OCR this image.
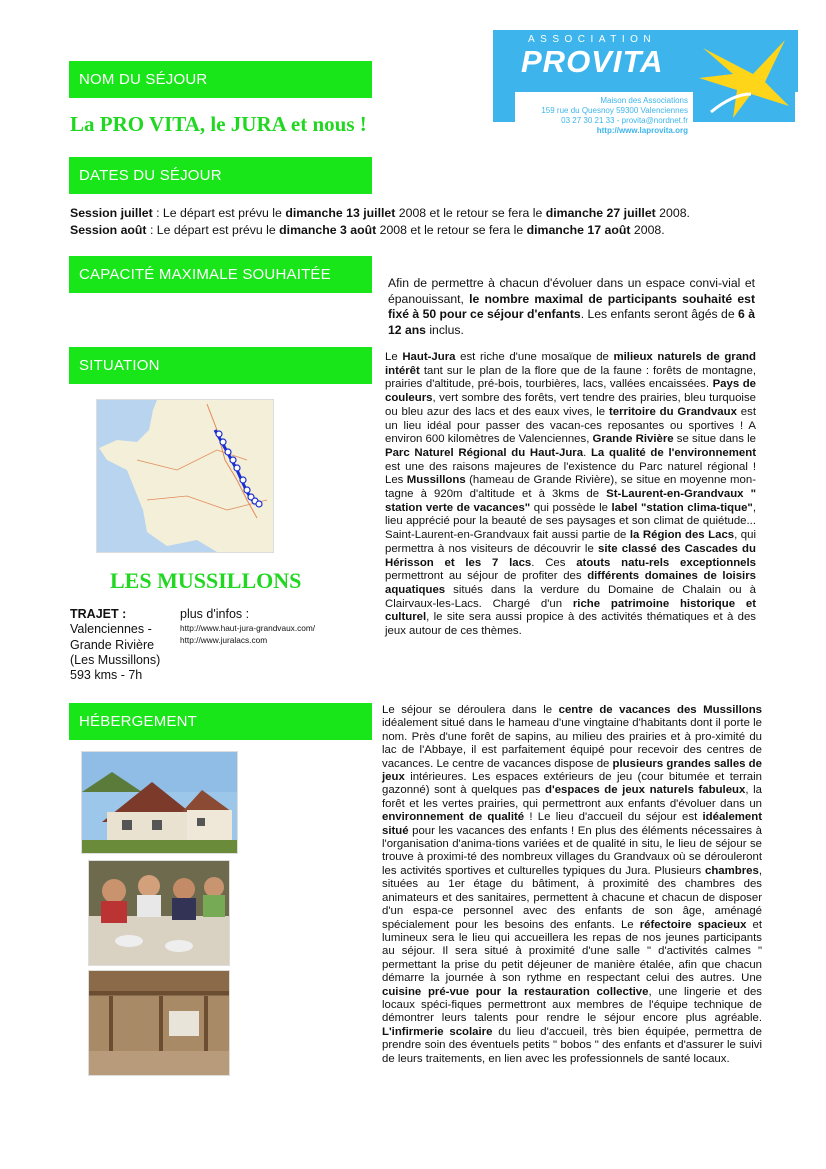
ASSOCIATION
PROVITA
Maison des Associations
159 rue du Quesnoy 59300 Valenciennes
03 27 30 21 33 - provita@nordnet.fr
http://www.laprovita.org
NOM DU SÉJOUR
La PRO VITA, le JURA et nous !
DATES DU SÉJOUR

Session juillet : Le départ est prévu le dimanche 13 juillet 2008 et le retour se fera le dimanche 27 juillet 2008.

Session août : Le départ est prévu le dimanche 3 août 2008 et le retour se fera le dimanche 17 août 2008.

CAPACITÉ MAXIMALE SOUHAITÉE	Afin de permettre à chacun d'évoluer dans un espace convi-vial et épanouissant, le nombre maximal de participants souhaité est fixé à 50 pour ce séjour d'enfants. Les enfants seront âgés de 6 à 12 ans inclus.
SITUATION
LES MUSSILLONS
TRAJET :
Valenciennes -
Grande Rivière
(Les Mussillons)
593 kms - 7h
plus d'infos :
http://www.haut-jura-grandvaux.com/
http://www.juralacs.com
Le Haut-Jura est riche d'une mosaïque de milieux naturels de grand intérêt tant sur le plan de la flore que de la faune : forêts de montagne, prairies d'altitude, pré-bois, tourbières, lacs, vallées encaissées. Pays de couleurs, vert sombre des forêts, vert tendre des prairies, bleu turquoise ou bleu azur des lacs et des eaux vives, le territoire du Grandvaux est un lieu idéal pour passer des vacan-ces reposantes ou sportives ! A environ 600 kilomètres de Valenciennes, Grande Rivière se situe dans le Parc Naturel Régional du Haut-Jura. La qualité de l'environnement est une des raisons majeures de l'existence du Parc naturel régional ! Les Mussillons (hameau de Grande Rivière), se situe en moyenne mon-tagne à 920m d'altitude et à 3kms de St-Laurent-en-Grandvaux " station verte de vacances" qui possède le label "station clima-tique", lieu apprécié pour la beauté de ses paysages et son climat de quiétude... Saint-Laurent-en-Grandvaux fait aussi partie de la Région des Lacs, qui permettra à nos visiteurs de découvrir le site classé des Cascades du Hérisson et les 7 lacs. Ces atouts natu-rels exceptionnels permettront au séjour de profiter des différents domaines de loisirs aquatiques situés dans la verdure du Domaine de Chalain ou à Clairvaux-les-Lacs. Chargé d'un riche patrimoine historique et culturel, le site sera aussi propice à des activités thématiques et à des jeux autour de ces thèmes.
HÉBERGEMENT
Le séjour se déroulera dans le centre de vacances des Mussillons idéalement situé dans le hameau d'une vingtaine d'habitants dont il porte le nom. Près d'une forêt de sapins, au milieu des prairies et à pro-ximité du lac de l'Abbaye, il est parfaitement équipé pour recevoir des centres de vacances. Le centre de vacances dispose de plusieurs grandes salles de jeux intérieures. Les espaces extérieurs de jeu (cour bitumée et terrain gazonné) sont à quelques pas d'espaces de jeux naturels fabuleux, la forêt et les vertes prairies, qui permettront aux enfants d'évoluer dans un environnement de qualité ! Le lieu d'accueil du séjour est idéalement situé pour les vacances des enfants ! En plus des éléments nécessaires à l'organisation d'anima-tions variées et de qualité in situ, le lieu de séjour se trouve à proximi-té des nombreux villages du Grandvaux où se dérouleront les activités sportives et culturelles typiques du Jura. Plusieurs chambres, situées au 1er étage du bâtiment, à proximité des chambres des animateurs et des sanitaires, permettent à chacune et chacun de disposer d'un espa-ce personnel avec des enfants de son âge, aménagé spécialement pour les besoins des enfants. Le réfectoire spacieux et lumineux sera le lieu qui accueillera les repas de nos jeunes participants au séjour. Il sera situé à proximité d'une salle " d'activités calmes " permettant la prise du petit déjeuner de manière étalée, afin que chacun démarre la journée à son rythme en respectant celui des autres. Une cuisine pré-vue pour la restauration collective, une lingerie et des locaux spéci-fiques permettront aux membres de l'équipe technique de démontrer leurs talents pour rendre le séjour encore plus agréable. L'infirmerie scolaire du lieu d'accueil, très bien équipée, permettra de prendre soin des éventuels petits " bobos " des enfants et d'assurer le suivi de leurs traitements, en lien avec les professionnels de santé locaux.
